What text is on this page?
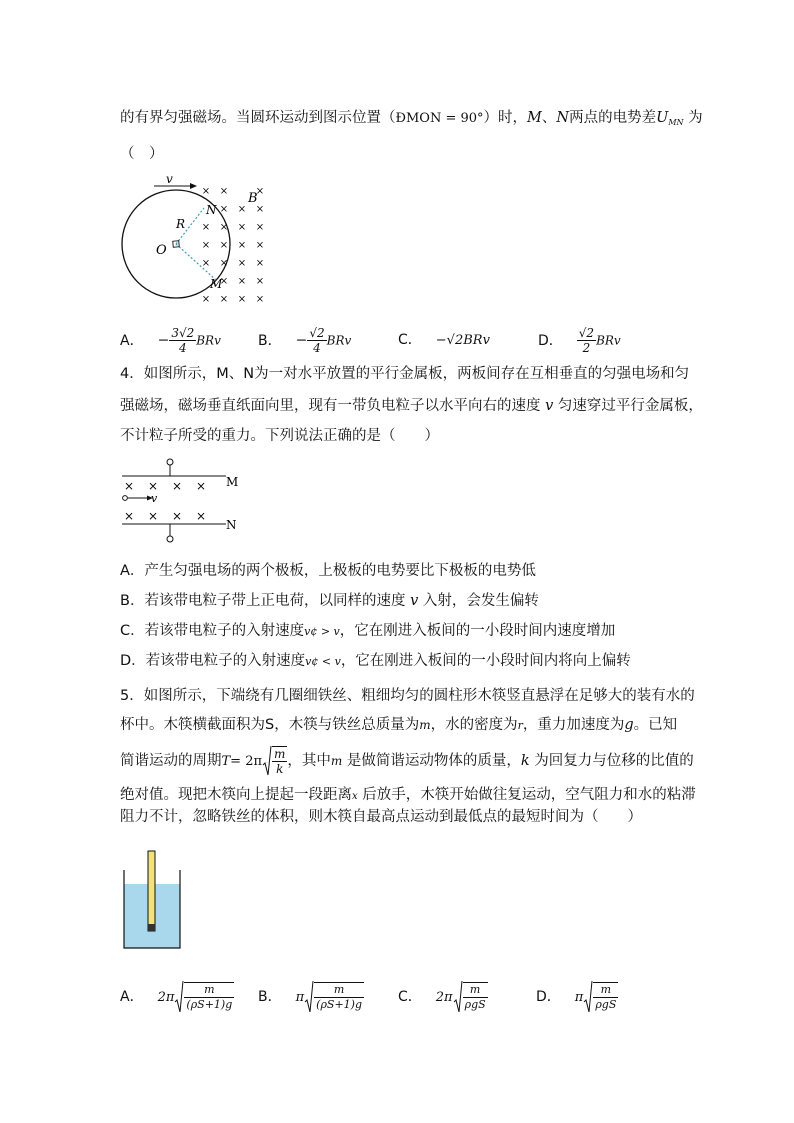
的有界匀强磁场。当圆环运动到图示位置（ÐMON = 90°）时，M、N两点的电势差$U_{MN}$ 为
（　）
v
B
R
O
N
M
× ×	×
× × ×
× × × ×
× × × ×
× × × ×
× × ×
× × × ×
A． − $\frac{3√2}{4}$ BRv	B． − $\frac{√2}{4}$ BRv	C． −√2BRv	D． $\frac{√2}{2}$ BRv
4．如图所示，M、N为一对水平放置的平行金属板，两板间存在互相垂直的匀强电场和匀
强磁场，磁场垂直纸面向里，现有一带负电粒子以水平向右的速度 v 匀速穿过平行金属板，
不计粒子所受的重力。下列说法正确的是（　　）
M
N
v
×
×
×
×
×
×
×
×
A．产生匀强电场的两个极板，上极板的电势要比下极板的电势低
B．若该带电粒子带上正电荷，以同样的速度 v 入射，会发生偏转
C．若该带电粒子的入射速度v¢ > v，它在刚进入板间的一小段时间内速度增加
D．若该带电粒子的入射速度v¢ < v，它在刚进入板间的一小段时间内将向上偏转
5．如图所示，下端绕有几圈细铁丝、粗细均匀的圆柱形木筷竖直悬浮在足够大的装有水的
杯中。木筷横截面积为S，木筷与铁丝总质量为m，水的密度为r，重力加速度为g。已知
简谐运动的周期$T= 2\pi \frac{m}{k}$ ，其中m 是做简谐运动物体的质量，k 为回复力与位移的比值的
绝对值。现把木筷向上提起一段距离x 后放手，木筷开始做往复运动，空气阻力和水的粘滞
阻力不计，忽略铁丝的体积，则木筷自最高点运动到最低点的最短时间为（　　）
A． $2\pi \frac{m}{(\rho S+1)g}$ B． π $\frac{m}{(\rho S+1)g}$ C． $2\pi \frac{m}{\text{ρgS}}$	D． π $\frac{m}{\text{ρgS}}$
